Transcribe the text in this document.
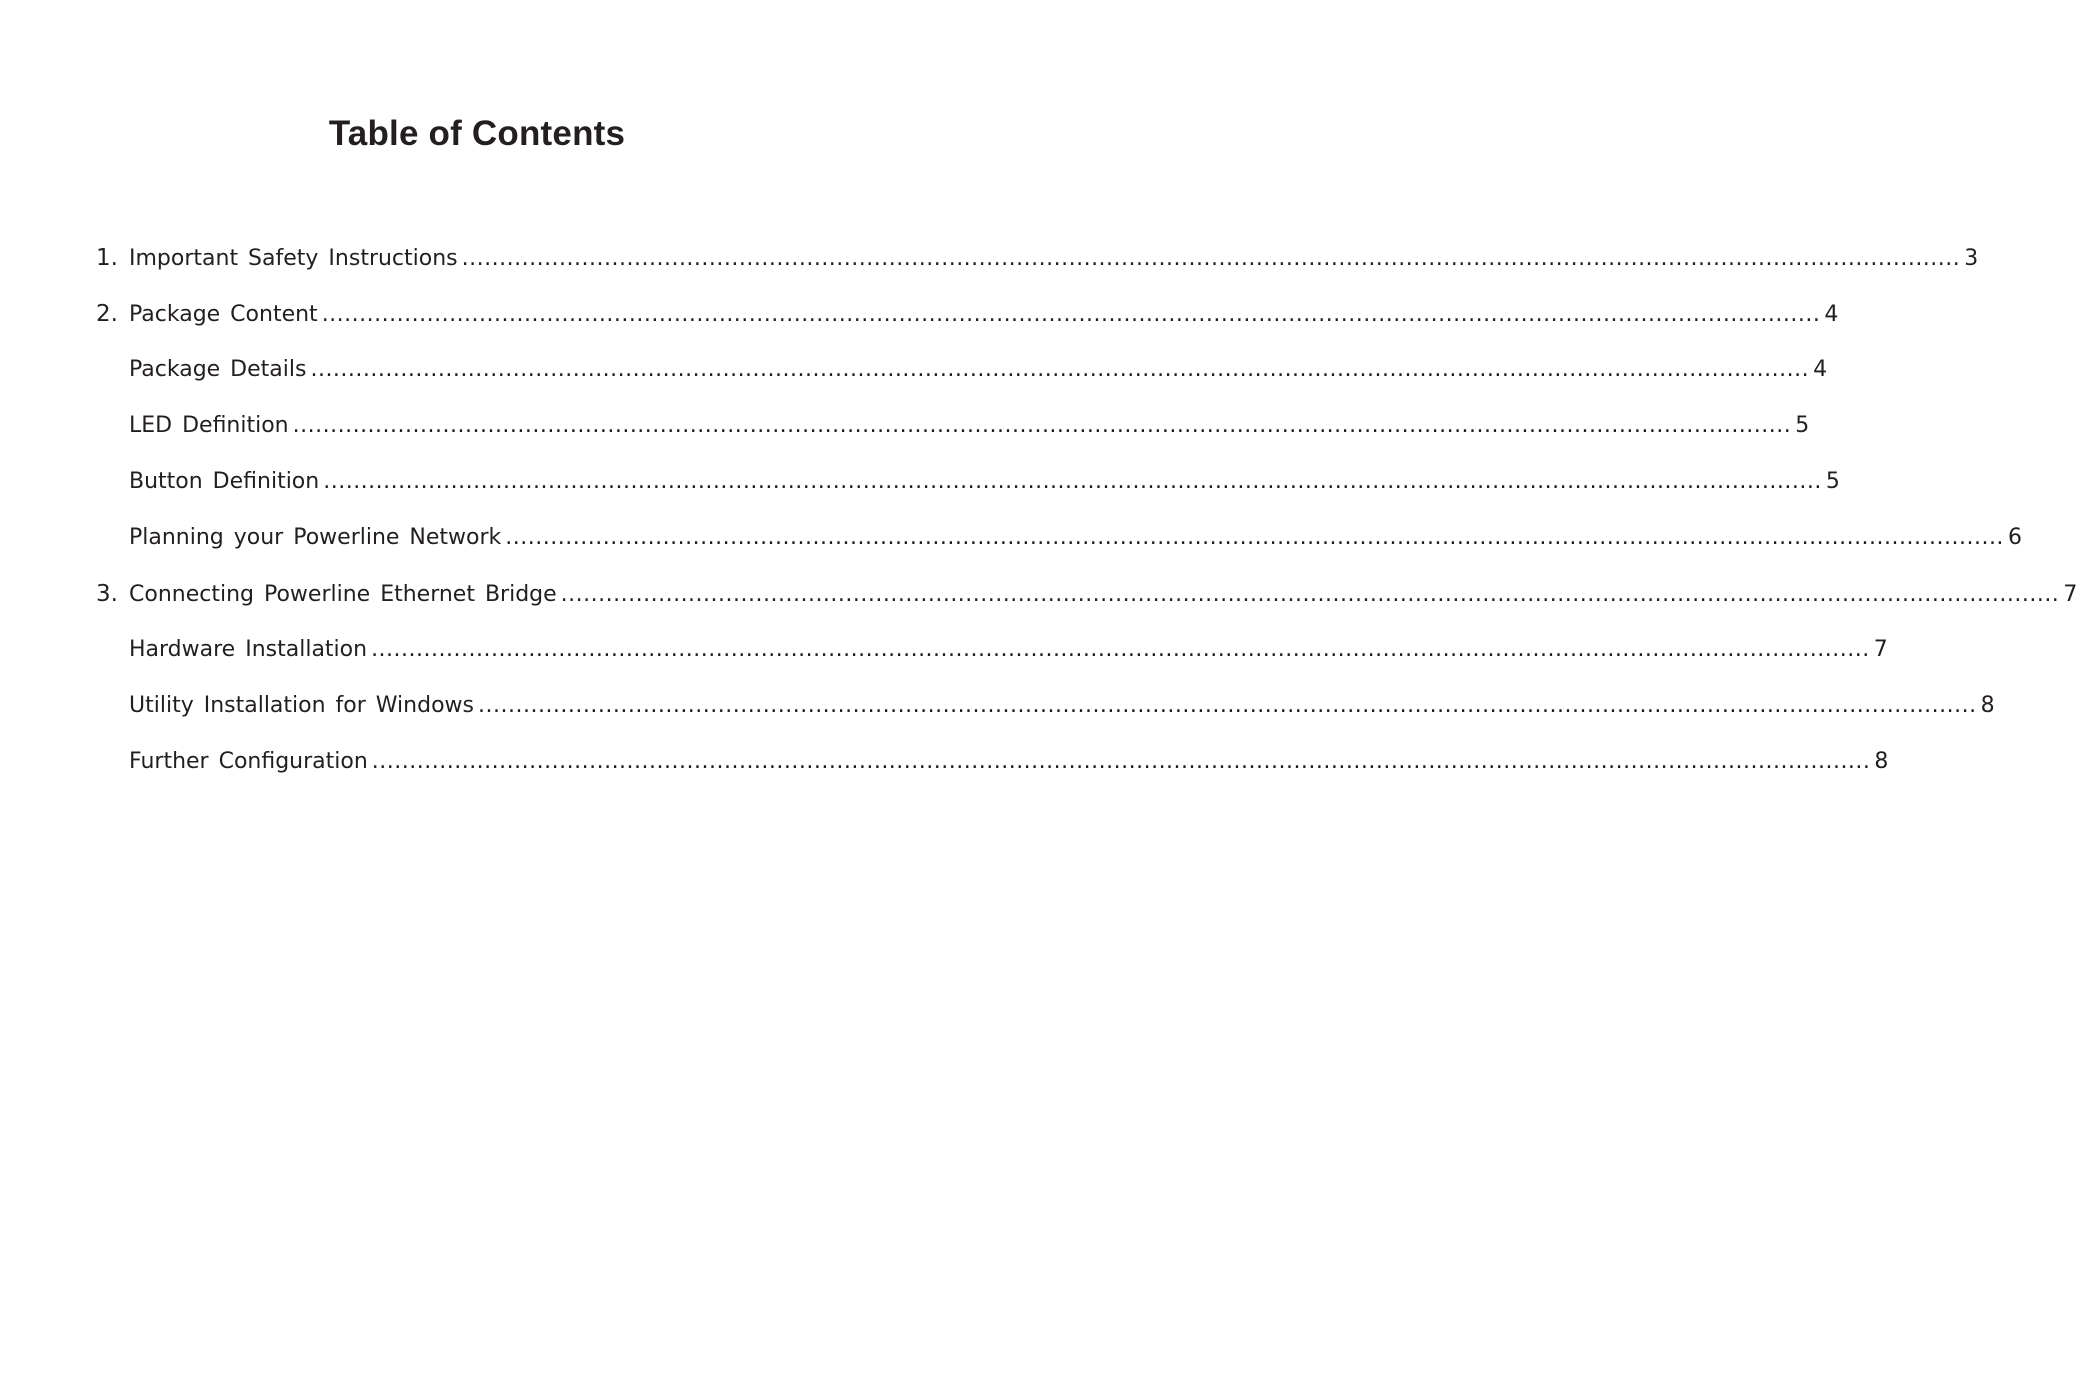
Table of Contents
1. Important Safety Instructions ........................................................................................................................................................................................................ 3
2. Package Content ........................................................................................................................................................................................................ 4
Package Details ........................................................................................................................................................................................................ 4
LED Definition ........................................................................................................................................................................................................ 5
Button Definition ........................................................................................................................................................................................................ 5
Planning your Powerline Network ........................................................................................................................................................................................................ 6
3. Connecting Powerline Ethernet Bridge ........................................................................................................................................................................................................ 7
Hardware Installation ........................................................................................................................................................................................................ 7
Utility Installation for Windows ........................................................................................................................................................................................................ 8
Further Configuration ........................................................................................................................................................................................................ 8
